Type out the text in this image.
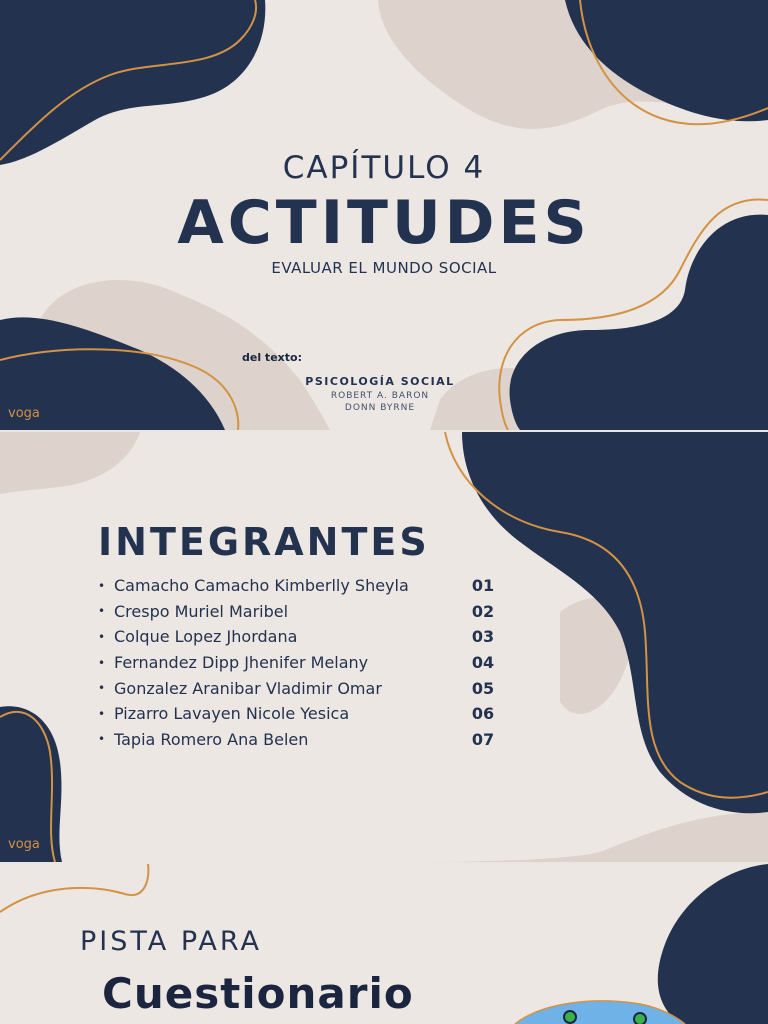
CAPÍTULO 4
ACTITUDES
EVALUAR EL MUNDO SOCIAL
del texto:
PSICOLOGÍA SOCIAL
ROBERT A. BARON
DONN BYRNE
voga
INTEGRANTES
• Camacho Camacho Kimberlly Sheyla	01
• Crespo Muriel Maribel	02
• Colque Lopez Jhordana	03
• Fernandez Dipp Jhenifer Melany	04
• Gonzalez Aranibar Vladimir Omar	05
• Pizarro Lavayen Nicole Yesica	06
• Tapia Romero Ana Belen	07
voga
PISTA PARA
Cuestionario
